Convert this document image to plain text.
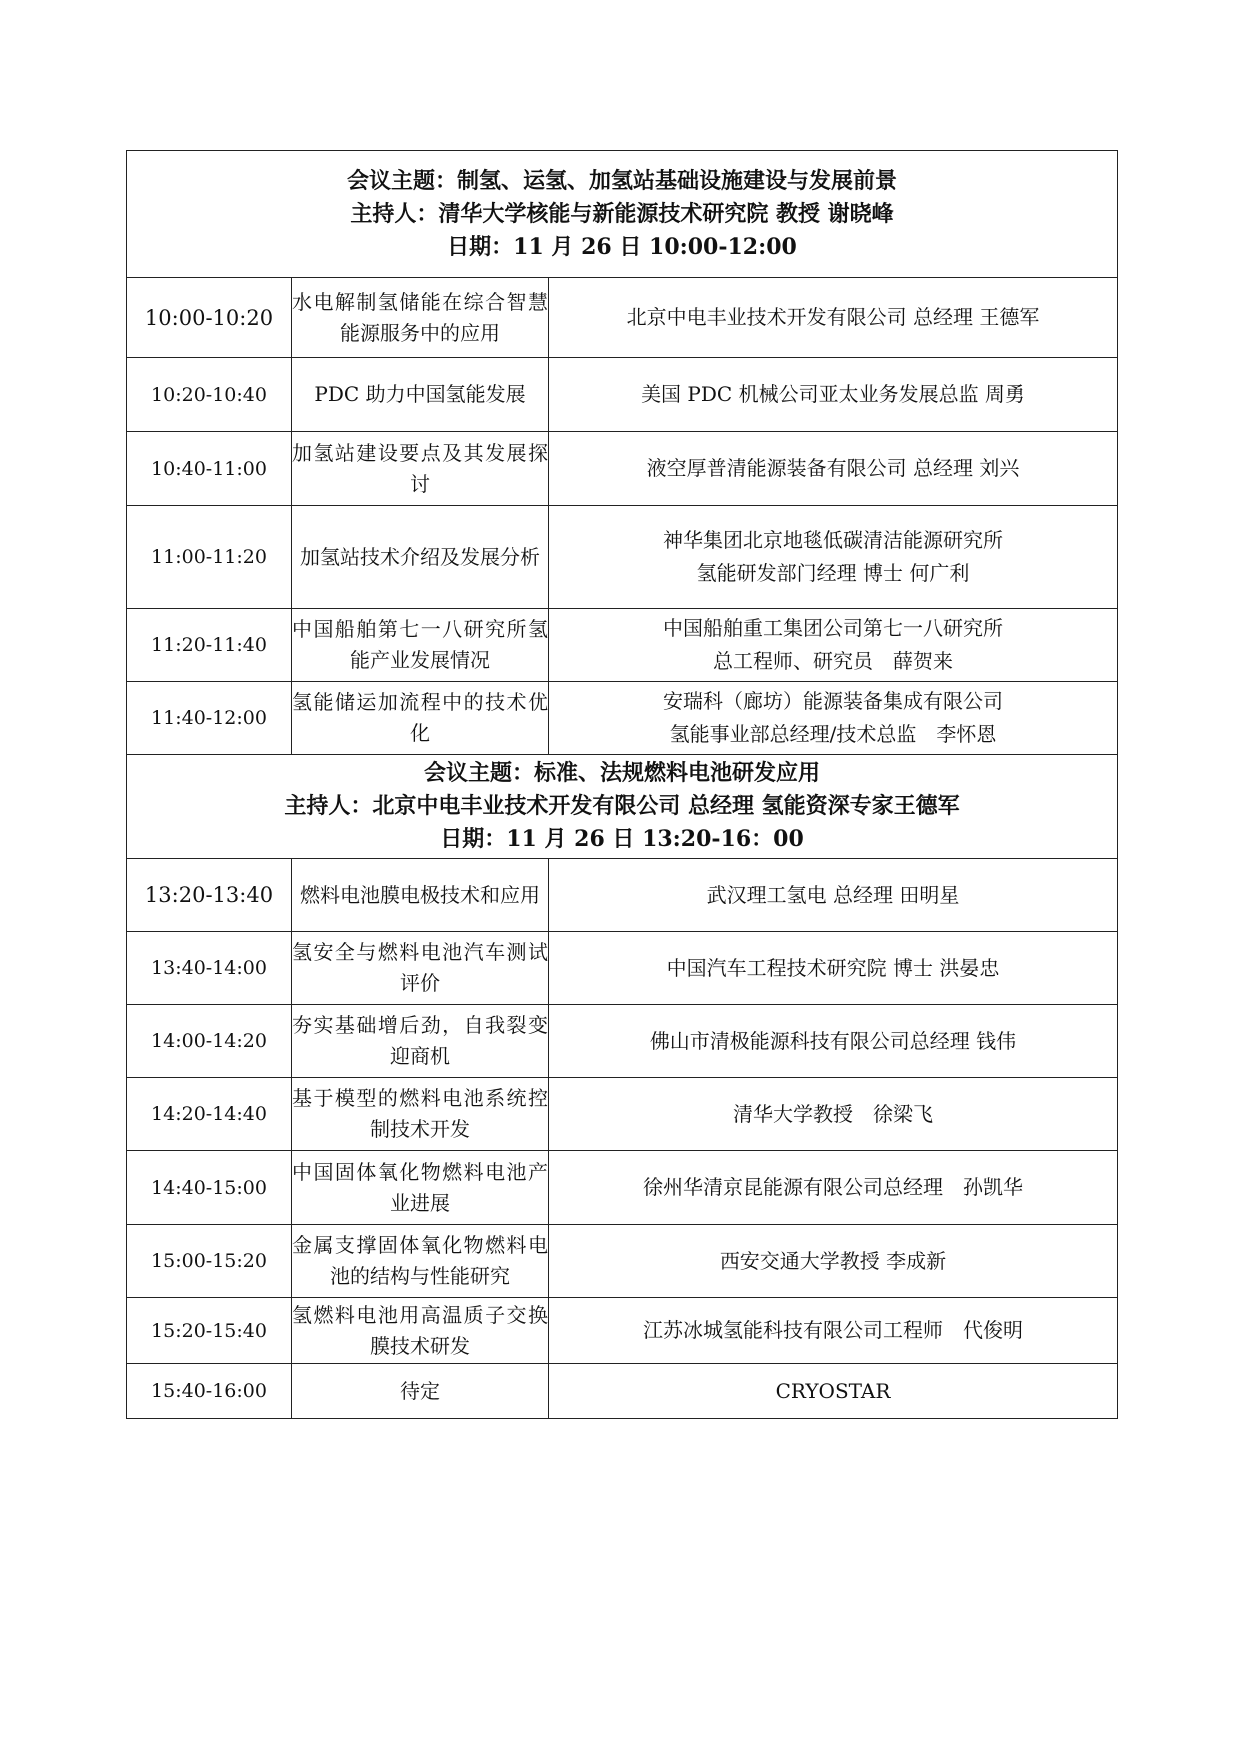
会议主题：制氢、运氢、加氢站基础设施建设与发展前景
主持人：清华大学核能与新能源技术研究院 教授 谢晓峰
日期：11 月 26 日 10:00-12:00		

10:00-10:20	水电解制氢储能在综合智慧能源服务中的应用	北京中电丰业技术开发有限公司 总经理 王德军

10:20-10:40	PDC 助力中国氢能发展	美国 PDC 机械公司亚太业务发展总监 周勇

10:40-11:00	加氢站建设要点及其发展探讨	液空厚普清能源装备有限公司 总经理 刘兴

11:00-11:20	加氢站技术介绍及发展分析	神华集团北京地毯低碳清洁能源研究所
氢能研发部门经理 博士 何广利

11:20-11:40	中国船舶第七一八研究所氢能产业发展情况	中国船舶重工集团公司第七一八研究所
总工程师、研究员　薛贺来

11:40-12:00	氢能储运加流程中的技术优化	安瑞科（廊坊）能源装备集成有限公司
氢能事业部总经理/技术总监　李怀恩

会议主题：标准、法规燃料电池研发应用
主持人：北京中电丰业技术开发有限公司 总经理 氢能资深专家王德军
日期：11 月 26 日 13:20-16：00		

13:20-13:40	燃料电池膜电极技术和应用	武汉理工氢电 总经理 田明星

13:40-14:00	氢安全与燃料电池汽车测试评价	中国汽车工程技术研究院 博士 洪晏忠

14:00-14:20	夯实基础增后劲，自我裂变迎商机	佛山市清极能源科技有限公司总经理 钱伟

14:20-14:40	基于模型的燃料电池系统控制技术开发	清华大学教授　徐梁飞

14:40-15:00	中国固体氧化物燃料电池产业进展	徐州华清京昆能源有限公司总经理　孙凯华

15:00-15:20	金属支撑固体氧化物燃料电池的结构与性能研究	西安交通大学教授 李成新

15:20-15:40	氢燃料电池用高温质子交换膜技术研发	江苏冰城氢能科技有限公司工程师　代俊明

15:40-16:00	待定	CRYOSTAR
